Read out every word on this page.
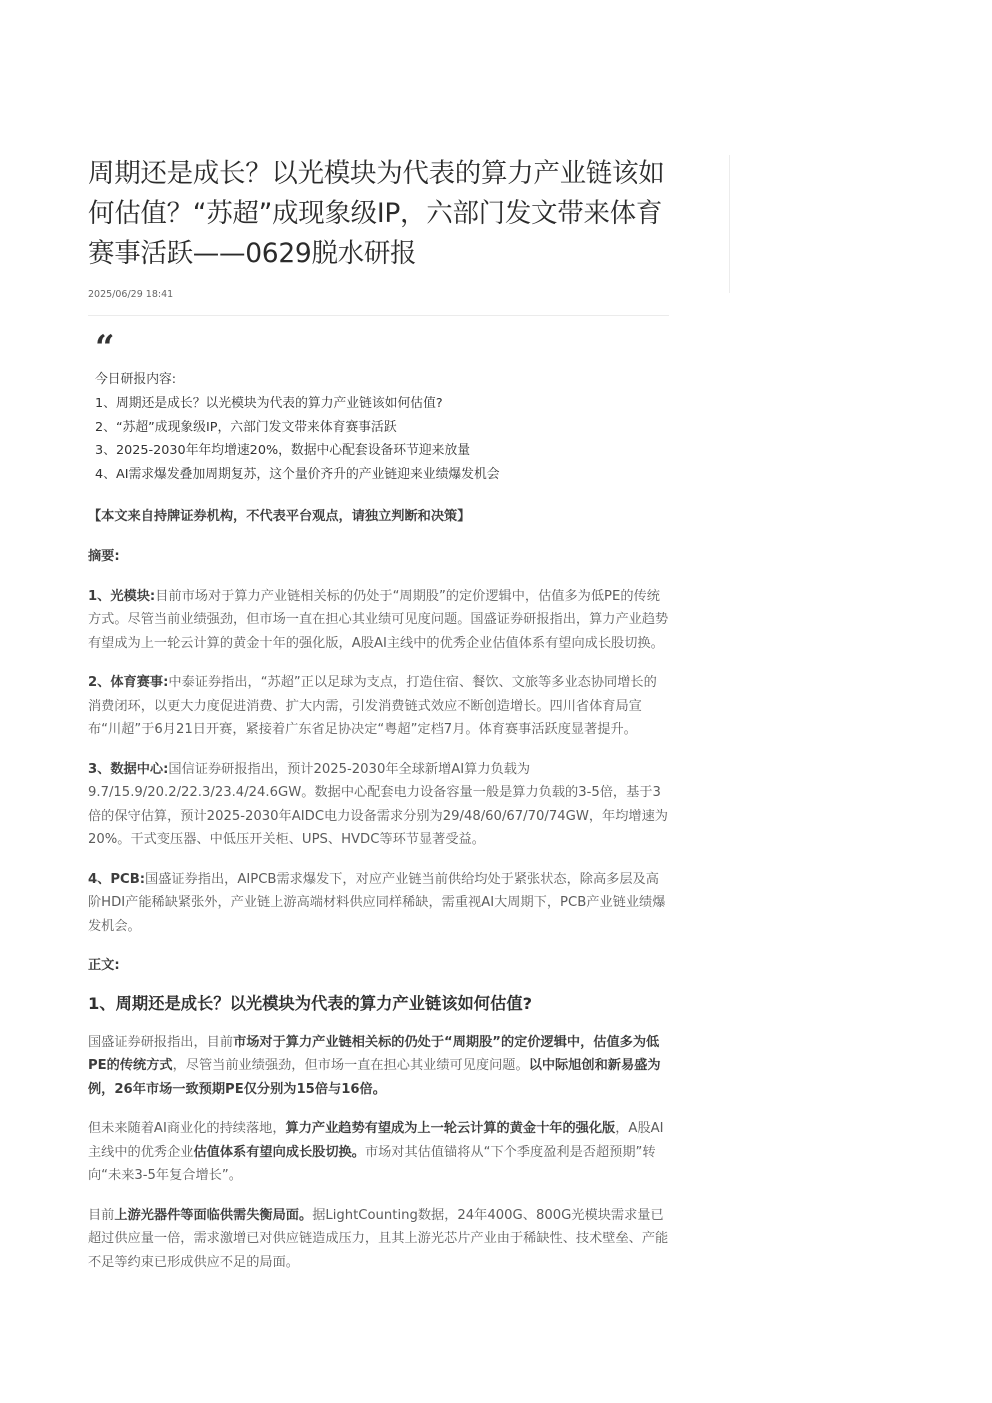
周期还是成长？以光模块为代表的算力产业链该如何估值？“苏超”成现象级IP，六部门发文带来体育赛事活跃——0629脱水研报
2025/06/29 18:41
“
今日研报内容:
1、周期还是成长？以光模块为代表的算力产业链该如何估值?
2、“苏超”成现象级IP，六部门发文带来体育赛事活跃
3、2025-2030年年均增速20%，数据中心配套设备环节迎来放量
4、AI需求爆发叠加周期复苏，这个量价齐升的产业链迎来业绩爆发机会
【本文来自持牌证券机构，不代表平台观点，请独立判断和决策】
摘要:

1、光模块:目前市场对于算力产业链相关标的仍处于“周期股”的定价逻辑中，估值多为低PE的传统方式。尽管当前业绩强劲，但市场一直在担心其业绩可见度问题。国盛证券研报指出，算力产业趋势有望成为上一轮云计算的黄金十年的强化版，A股AI主线中的优秀企业估值体系有望向成长股切换。

2、体育赛事:中泰证券指出，“苏超”正以足球为支点，打造住宿、餐饮、文旅等多业态协同增长的消费闭环，以更大力度促进消费、扩大内需，引发消费链式效应不断创造增长。四川省体育局宣布“川超”于6月21日开赛，紧接着广东省足协决定“粤超”定档7月。体育赛事活跃度显著提升。

3、数据中心:国信证券研报指出，预计2025-2030年全球新增AI算力负载为9.7/15.9/20.2/22.3/23.4/24.6GW。数据中心配套电力设备容量一般是算力负载的3-5倍，基于3倍的保守估算，预计2025-2030年AIDC电力设备需求分别为29/48/60/67/70/74GW，年均增速为20%。干式变压器、中低压开关柜、UPS、HVDC等环节显著受益。

4、PCB:国盛证券指出，AIPCB需求爆发下，对应产业链当前供给均处于紧张状态，除高多层及高阶HDI产能稀缺紧张外，产业链上游高端材料供应同样稀缺，需重视AI大周期下，PCB产业链业绩爆发机会。

正文:
1、周期还是成长？以光模块为代表的算力产业链该如何估值?

国盛证券研报指出，目前市场对于算力产业链相关标的仍处于“周期股”的定价逻辑中，估值多为低PE的传统方式，尽管当前业绩强劲，但市场一直在担心其业绩可见度问题。以中际旭创和新易盛为例，26年市场一致预期PE仅分别为15倍与16倍。

但未来随着AI商业化的持续落地，算力产业趋势有望成为上一轮云计算的黄金十年的强化版，A股AI主线中的优秀企业估值体系有望向成长股切换。市场对其估值锚将从“下个季度盈利是否超预期”转向“未来3-5年复合增长”。

目前上游光器件等面临供需失衡局面。据LightCounting数据，24年400G、800G光模块需求量已超过供应量一倍，需求激增已对供应链造成压力，且其上游光芯片产业由于稀缺性、技术壁垒、产能不足等约束已形成供应不足的局面。
